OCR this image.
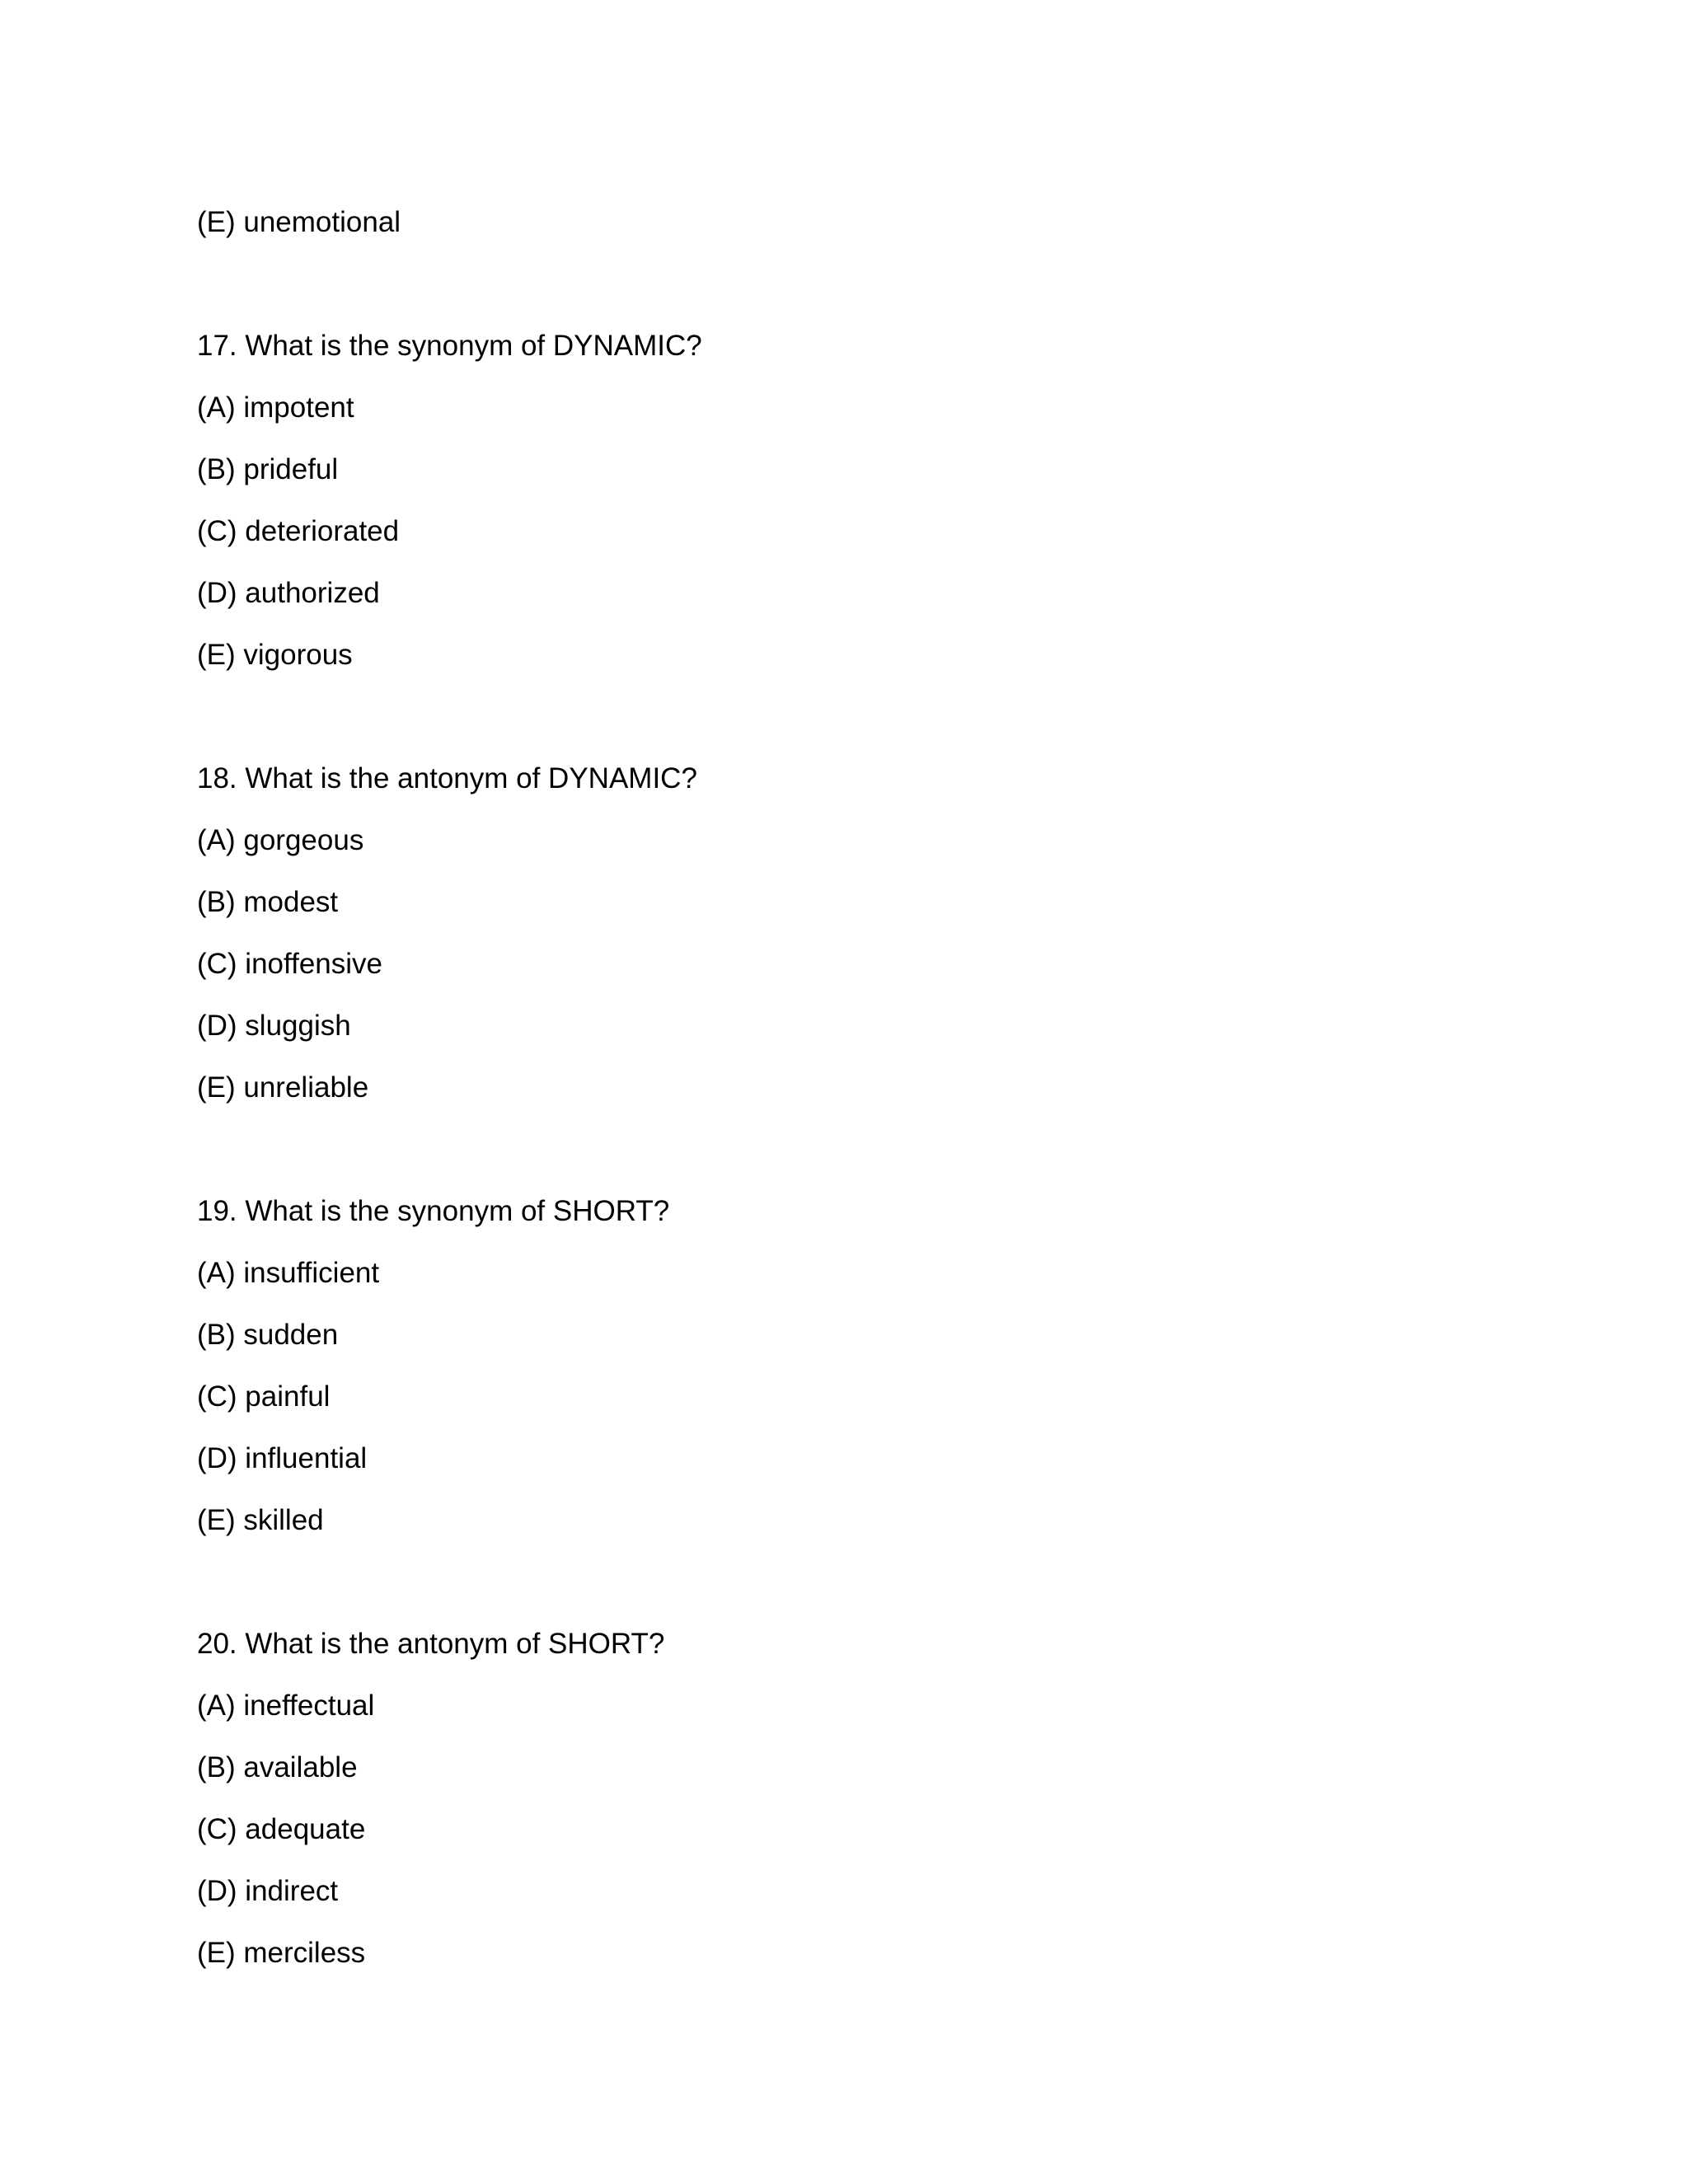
(E) unemotional
17. What is the synonym of DYNAMIC?
(A) impotent
(B) prideful
(C) deteriorated
(D) authorized
(E) vigorous
18. What is the antonym of DYNAMIC?
(A) gorgeous
(B) modest
(C) inoffensive
(D) sluggish
(E) unreliable
19. What is the synonym of SHORT?
(A) insufficient
(B) sudden
(C) painful
(D) influential
(E) skilled
20. What is the antonym of SHORT?
(A) ineffectual
(B) available
(C) adequate
(D) indirect
(E) merciless
